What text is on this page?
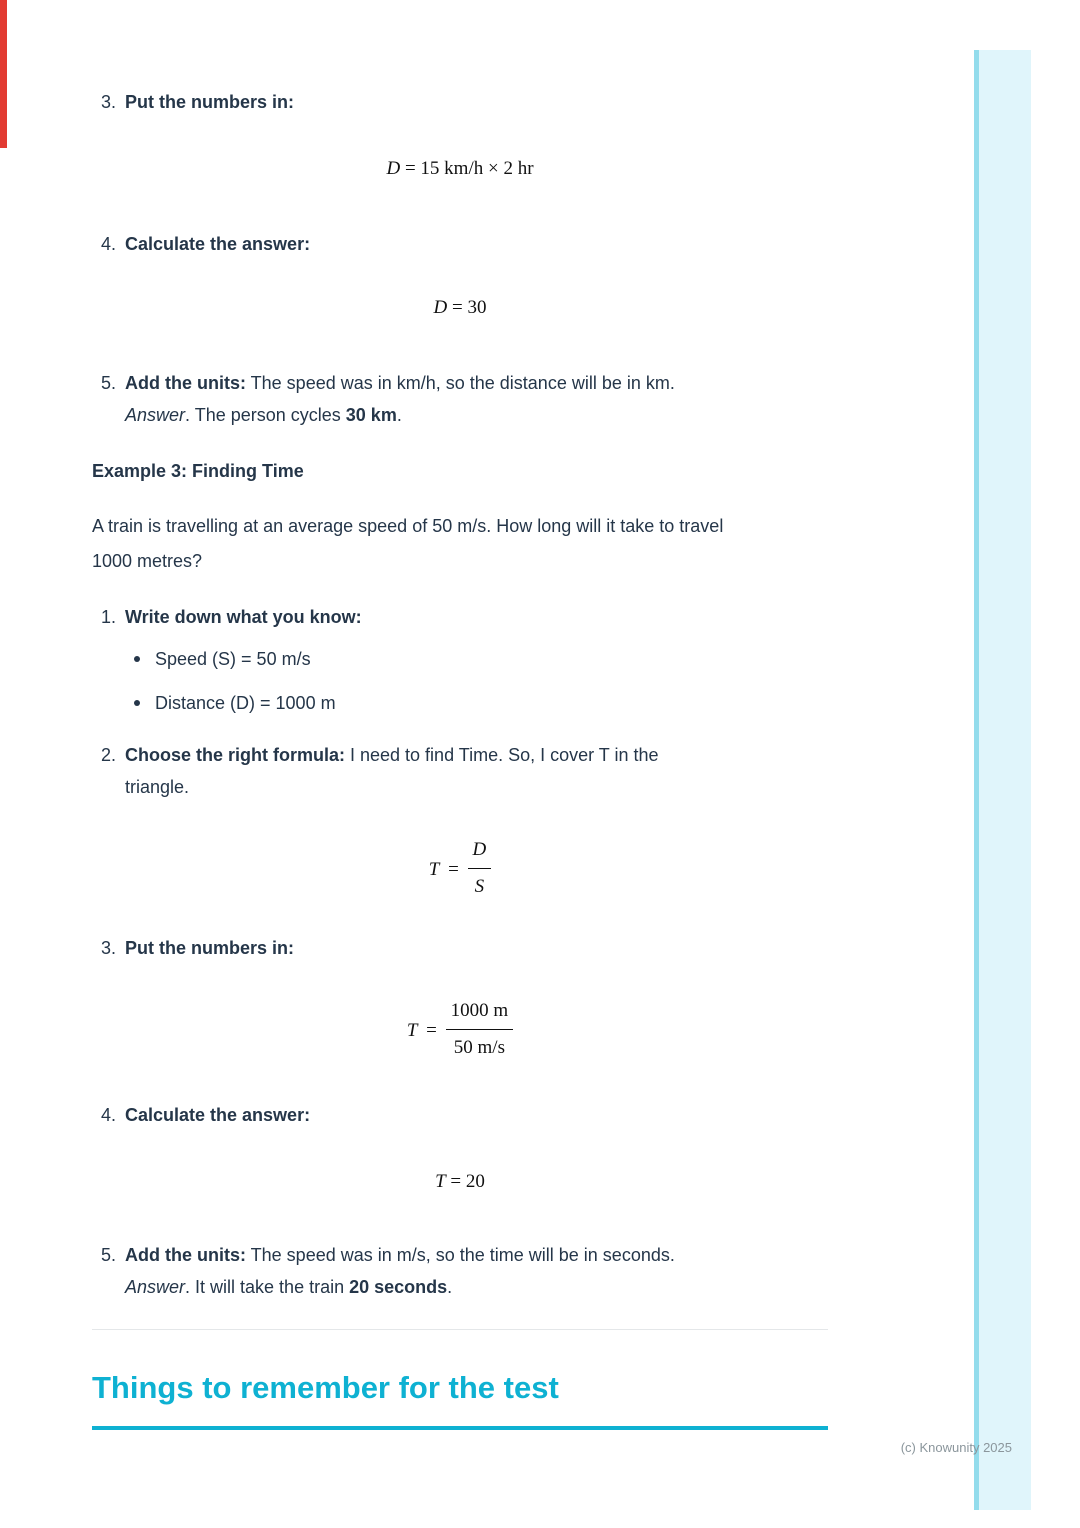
3. Put the numbers in:
D = 15 km/h × 2 hr
4. Calculate the answer:
D = 30
5. Add the units: The speed was in km/h, so the distance will be in km.
Answer. The person cycles 30 km.
Example 3: Finding Time
A train is travelling at an average speed of 50 m/s. How long will it take to travel 1000 metres?
1. Write down what you know:
Speed (S) = 50 m/s
Distance (D) = 1000 m
2. Choose the right formula: I need to find Time. So, I cover T in the triangle.
$T = \frac{D}{S}$
3. Put the numbers in:
$T = \frac{1000 m}{50 m/s}$
4. Calculate the answer:
T = 20
5. Add the units: The speed was in m/s, so the time will be in seconds.
Answer. It will take the train 20 seconds.
Things to remember for the test
(c) Knowunity 2025
